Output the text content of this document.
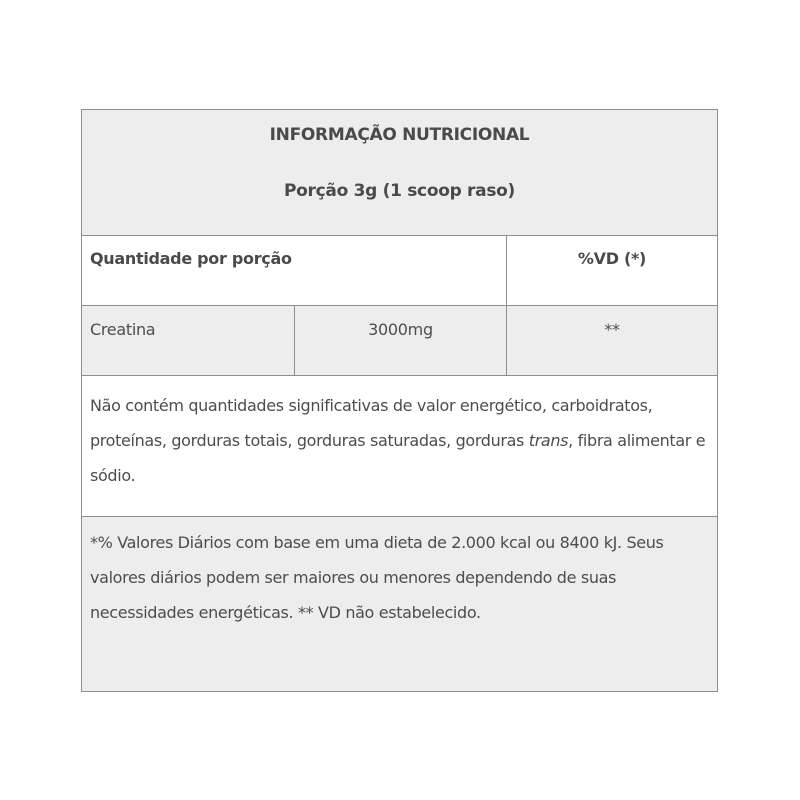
INFORMAÇÃO NUTRICIONAL
Porção 3g (1 scoop raso)		

Quantidade por porção		%VD (*)
Creatina	3000mg	**
Não contém quantidades significativas de valor energético, carboidratos, proteínas, gorduras totais, gorduras saturadas, gorduras trans, fibra alimentar e sódio.		
*% Valores Diários com base em uma dieta de 2.000 kcal ou 8400 kJ. Seus valores diários podem ser maiores ou menores dependendo de suas necessidades energéticas. ** VD não estabelecido.		
